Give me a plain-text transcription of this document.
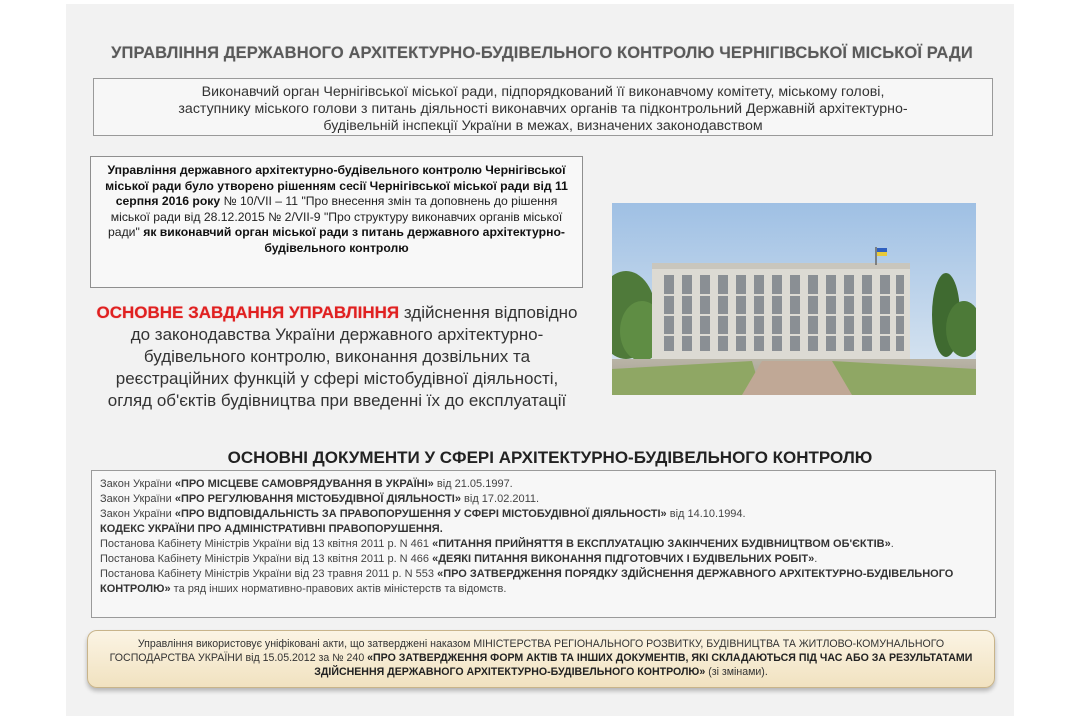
УПРАВЛІННЯ ДЕРЖАВНОГО АРХІТЕКТУРНО-БУДІВЕЛЬНОГО КОНТРОЛЮ ЧЕРНІГІВСЬКОЇ МІСЬКОЇ РАДИ
Виконавчий орган Чернігівської міської ради, підпорядкований її виконавчому комітету, міському голові,
заступнику міського голови з питань діяльності виконавчих органів та підконтрольний Державній архітектурно-
будівельній інспекції України в межах, визначених законодавством
Управління державного архітектурно-будівельного контролю Чернігівської міської ради було утворено рішенням сесії Чернігівської міської ради від 11 серпня 2016 року № 10/VII – 11 "Про внесення змін та доповнень до рішення міської ради від 28.12.2015 № 2/VII-9 "Про структуру виконавчих органів міської ради" як виконавчий орган міської ради з питань державного архітектурно-будівельного контролю
ОСНОВНЕ ЗАВДАННЯ УПРАВЛІННЯ здійснення відповідно до законодавства України державного архітектурно-будівельного контролю, виконання дозвільних та реєстраційних функцій у сфері містобудівної діяльності, огляд об'єктів будівництва при введенні їх до експлуатації
ОСНОВНІ ДОКУМЕНТИ У СФЕРІ АРХІТЕКТУРНО-БУДІВЕЛЬНОГО КОНТРОЛЮ
Закон України «ПРО МІСЦЕВЕ САМОВРЯДУВАННЯ В УКРАЇНІ» від 21.05.1997.
Закон України «ПРО РЕГУЛЮВАННЯ МІСТОБУДІВНОЇ ДІЯЛЬНОСТІ» від 17.02.2011.
Закон України «ПРО ВІДПОВІДАЛЬНІСТЬ ЗА ПРАВОПОРУШЕННЯ У СФЕРІ МІСТОБУДІВНОЇ ДІЯЛЬНОСТІ» від 14.10.1994.
КОДЕКС УКРАЇНИ ПРО АДМІНІСТРАТИВНІ ПРАВОПОРУШЕННЯ.
Постанова Кабінету Міністрів України від 13 квітня 2011 р. N 461 «ПИТАННЯ ПРИЙНЯТТЯ В ЕКСПЛУАТАЦІЮ ЗАКІНЧЕНИХ БУДІВНИЦТВОМ ОБ'ЄКТІВ».
Постанова Кабінету Міністрів України від 13 квітня 2011 р. N 466 «ДЕЯКІ ПИТАННЯ ВИКОНАННЯ ПІДГОТОВЧИХ І БУДІВЕЛЬНИХ РОБІТ».
Постанова Кабінету Міністрів України від 23 травня 2011 р. N 553 «ПРО ЗАТВЕРДЖЕННЯ ПОРЯДКУ ЗДІЙСНЕННЯ ДЕРЖАВНОГО АРХІТЕКТУРНО-БУДІВЕЛЬНОГО КОНТРОЛЮ» та ряд інших нормативно-правових актів міністерств та відомств.
Управління використовує уніфіковані акти, що затверджені наказом МІНІСТЕРСТВА РЕГІОНАЛЬНОГО РОЗВИТКУ, БУДІВНИЦТВА ТА ЖИТЛОВО-КОМУНАЛЬНОГО ГОСПОДАРСТВА УКРАЇНИ від 15.05.2012 за № 240 «ПРО ЗАТВЕРДЖЕННЯ ФОРМ АКТІВ ТА ІНШИХ ДОКУМЕНТІВ, ЯКІ СКЛАДАЮТЬСЯ ПІД ЧАС АБО ЗА РЕЗУЛЬТАТАМИ ЗДІЙСНЕННЯ ДЕРЖАВНОГО АРХІТЕКТУРНО-БУДІВЕЛЬНОГО КОНТРОЛЮ» (зі змінами).
